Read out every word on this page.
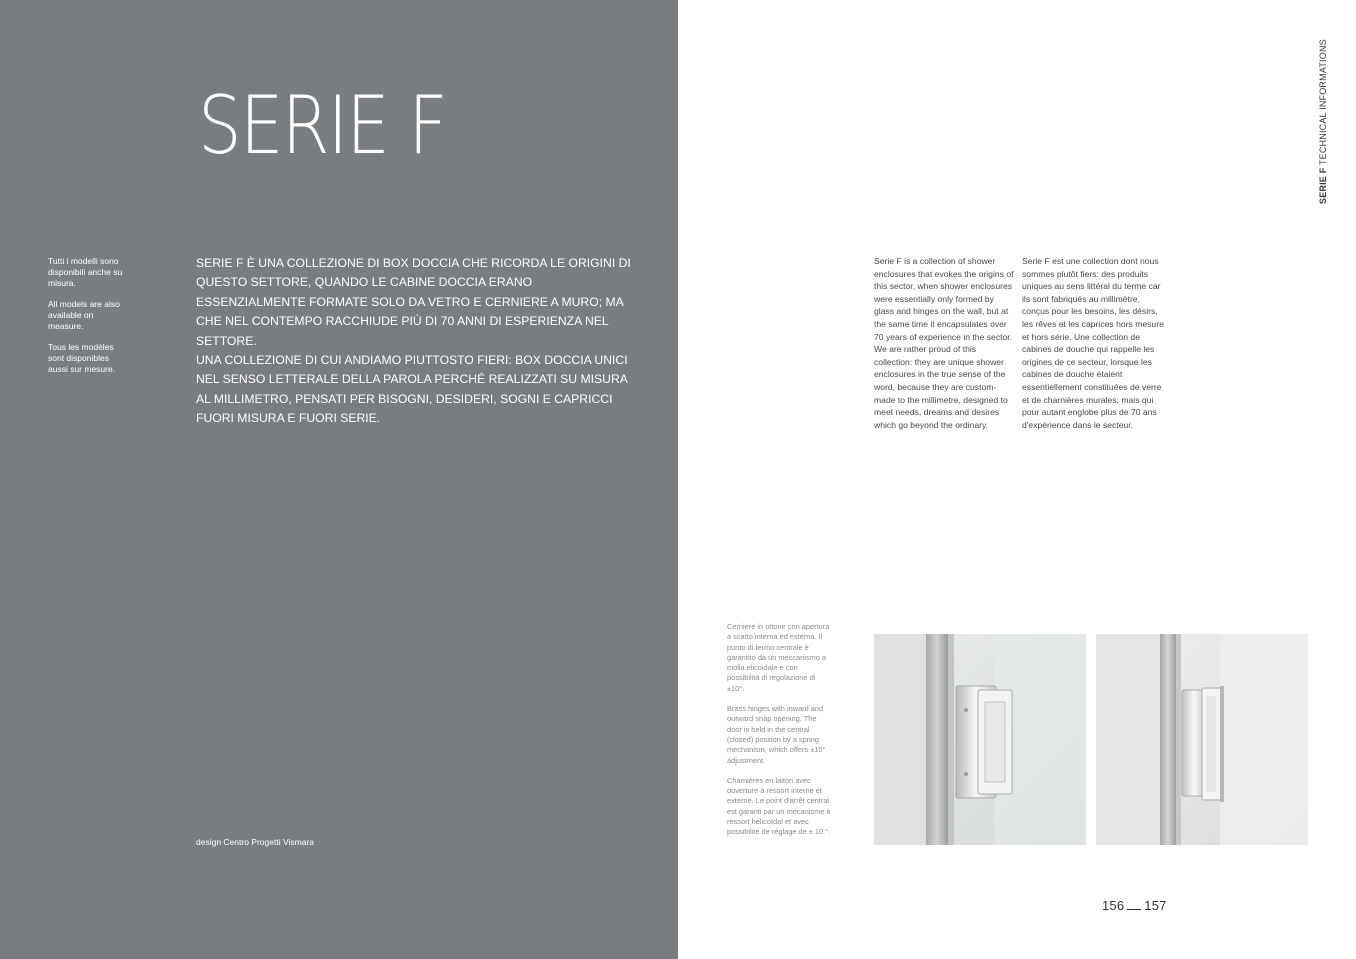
SERIE F

Tutti i modelli sono disponibili anche su misura.

All models are also available on measure.

Tous les modèles sont disponibles aussi sur mesure.

SERIE F È UNA COLLEZIONE DI BOX DOCCIA CHE RICORDA LE ORIGINI DI QUESTO SETTORE, QUANDO LE CABINE DOCCIA ERANO ESSENZIALMENTE FORMATE SOLO DA VETRO E CERNIERE A MURO; MA CHE NEL CONTEMPO RACCHIUDE PIÙ DI 70 ANNI DI ESPERIENZA NEL SETTORE.

UNA COLLEZIONE DI CUI ANDIAMO PIUTTOSTO FIERI: BOX DOCCIA UNICI NEL SENSO LETTERALE DELLA PAROLA PERCHÉ REALIZZATI SU MISURA AL MILLIMETRO, PENSATI PER BISOGNI, DESIDERI, SOGNI E CAPRICCI FUORI MISURA E FUORI SERIE.

design Centro Progetti Vismara
SERIE F TECHNICAL INFORMATIONS

Serie F is a collection of shower enclosures that evokes the origins of this sector, when shower enclosures were essentially only formed by glass and hinges on the wall, but at the same time it encapsulates over 70 years of experience in the sector. We are rather proud of this collection: they are unique shower enclosures in the true sense of the word, because they are custom-made to the millimetre, designed to meet needs, dreams and desires which go beyond the ordinary.

Serie F est une collection dont nous sommes plutôt fiers: des produits uniques au sens littéral du terme car ils sont fabriqués au millimètre, conçus pour les besoins, les désirs, les rêves et les caprices hors mesure et hors série. Une collection de cabines de douche qui rappelle les origines de ce secteur, lorsque les cabines de douche étaient essentiellement constituées de verre et de charnières murales; mais qui pour autant englobe plus de 70 ans d'expérience dans le secteur.

Cerniere in ottone con apertura a scatto interna ed esterna. Il punto di fermo centrale è garantito da un meccanismo a molla elicoidale e con possibilità di regolazione di ±10°.

Brass hinges with inward and outward snap opening. The door is held in the central (closed) position by a spring mechanism, which offers ±10° adjustment.

Charnières en laiton avec ouverture à ressort interne et externe. Le point d'arrêt central est garanti par un mécanisme à ressort hélicoïdal et avec possibilité de réglage de ± 10 °.

156 157
